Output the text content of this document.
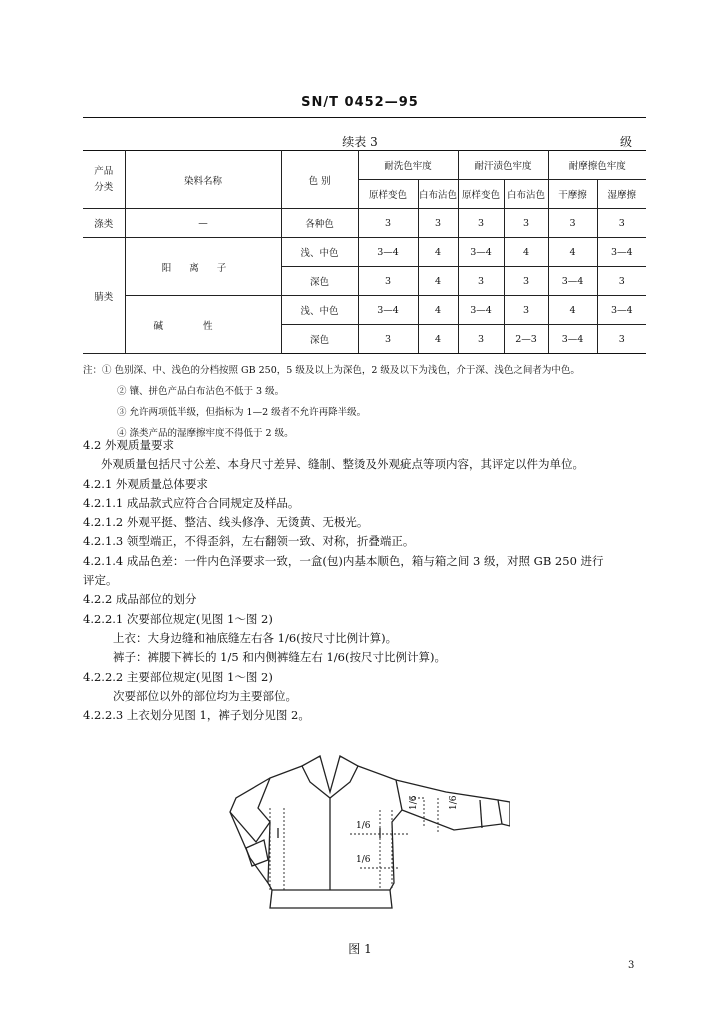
SN/T 0452—95
续表 3	级
产品
分类	染料名称	色 别	耐洗色牢度		耐汗渍色牢度		耐摩擦色牢度	
			原样变色	白布沾色	原样变色	白布沾色	干摩擦	湿摩擦
涤类	—	各种色	3	3	3	3	3	3
腈类	阳离子	浅、中色	3—4	4	3—4	4	4	3—4
		深色	3	4	3	3	3—4	3
	碱性	浅、中色	3—4	4	3—4	3	4	3—4
		深色	3	4	3	2—3	3—4	3
注：① 色别深、中、浅色的分档按照 GB 250，5 级及以上为深色，2 级及以下为浅色，介于深、浅色之间者为中色。
② 镶、拼色产品白布沾色不低于 3 级。
③ 允许两项低半级，但指标为 1—2 级者不允许再降半级。
④ 涤类产品的湿摩擦牢度不得低于 2 级。

4.2 外观质量要求

外观质量包括尺寸公差、本身尺寸差异、缝制、整烫及外观疵点等项内容，其评定以件为单位。

4.2.1 外观质量总体要求

4.2.1.1 成品款式应符合合同规定及样品。

4.2.1.2 外观平挺、整洁、线头修净、无烫黄、无极光。

4.2.1.3 领型端正，不得歪斜，左右翻领一致、对称，折叠端正。

4.2.1.4 成品色差：一件内色泽要求一致，一盒(包)内基本顺色，箱与箱之间 3 级，对照 GB 250 进行

评定。

4.2.2 成品部位的划分

4.2.2.1 次要部位规定(见图 1～图 2)

上衣：大身边缝和袖底缝左右各 1/6(按尺寸比例计算)。

裤子：裤腰下裤长的 1/5 和内侧裤缝左右 1/6(按尺寸比例计算)。

4.2.2.2 主要部位规定(见图 1～图 2)

次要部位以外的部位均为主要部位。

4.2.2.3 上衣划分见图 1，裤子划分见图 2。

1/6
1/6
1/6	1/6
图 1
3
